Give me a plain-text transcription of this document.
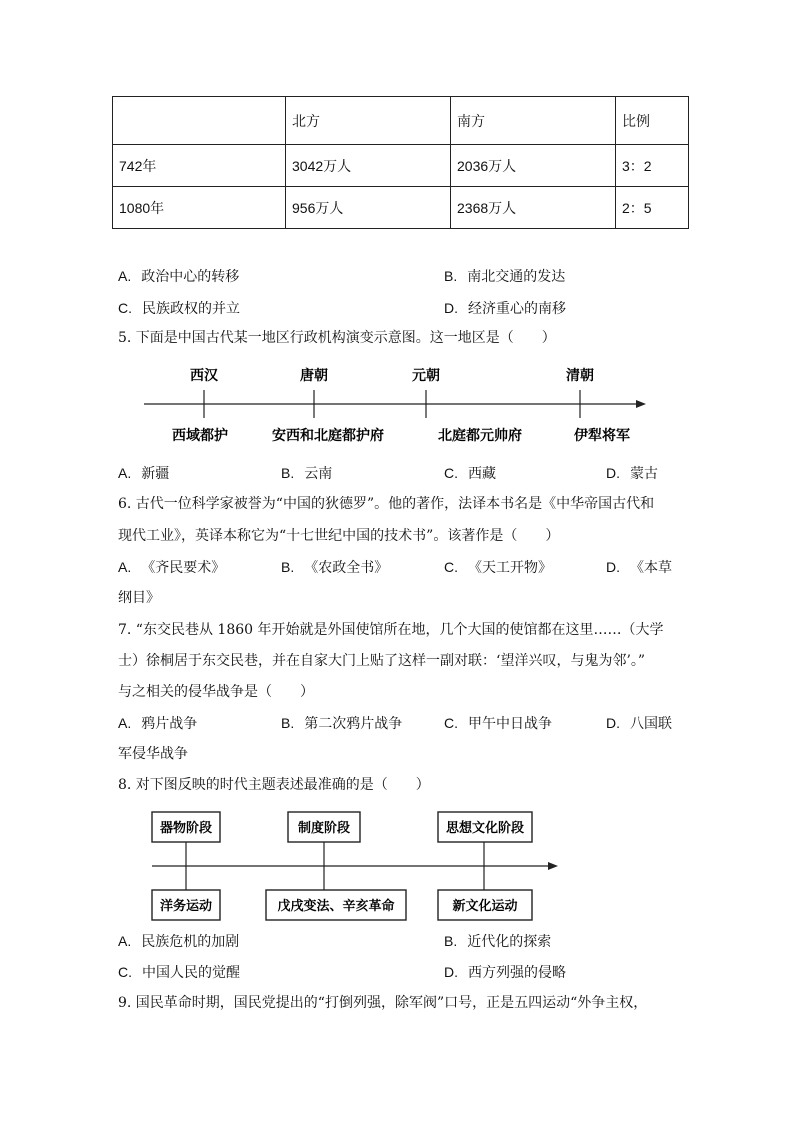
	北方	南方	比例
742年	3042万人	2036万人	3：2
1080年	956万人	2368万人	2：5
A. 政治中心的转移	B. 南北交通的发达
C. 民族政权的并立	D. 经济重心的南移
5. 下面是中国古代某一地区行政机构演变示意图。这一地区是（　　）
西汉	唐朝	元朝	清朝
西域都护	安西和北庭都护府	北庭都元帅府	伊犁将军
A. 新疆	B. 云南	C. 西藏	D. 蒙古
6. 古代一位科学家被誉为“中国的狄德罗”。他的著作，法译本书名是《中华帝国古代和
现代工业》，英译本称它为“十七世纪中国的技术书”。该著作是（　　）
A. 《齐民要术》	B. 《农政全书》	C. 《天工开物》	D. 《本草
纲目》
7. “东交民巷从 1860 年开始就是外国使馆所在地，几个大国的使馆都在这里……（大学
士）徐桐居于东交民巷，并在自家大门上贴了这样一副对联：‘望洋兴叹，与鬼为邻’。”
与之相关的侵华战争是（　　）
A. 鸦片战争	B. 第二次鸦片战争	C. 甲午中日战争	D. 八国联
军侵华战争
8. 对下图反映的时代主题表述最准确的是（　　）
器物阶段	制度阶段	思想文化阶段
洋务运动	戊戌变法、辛亥革命	新文化运动
A. 民族危机的加剧	B. 近代化的探索
C. 中国人民的觉醒	D. 西方列强的侵略
9. 国民革命时期，国民党提出的“打倒列强，除军阀”口号，正是五四运动“外争主权，
